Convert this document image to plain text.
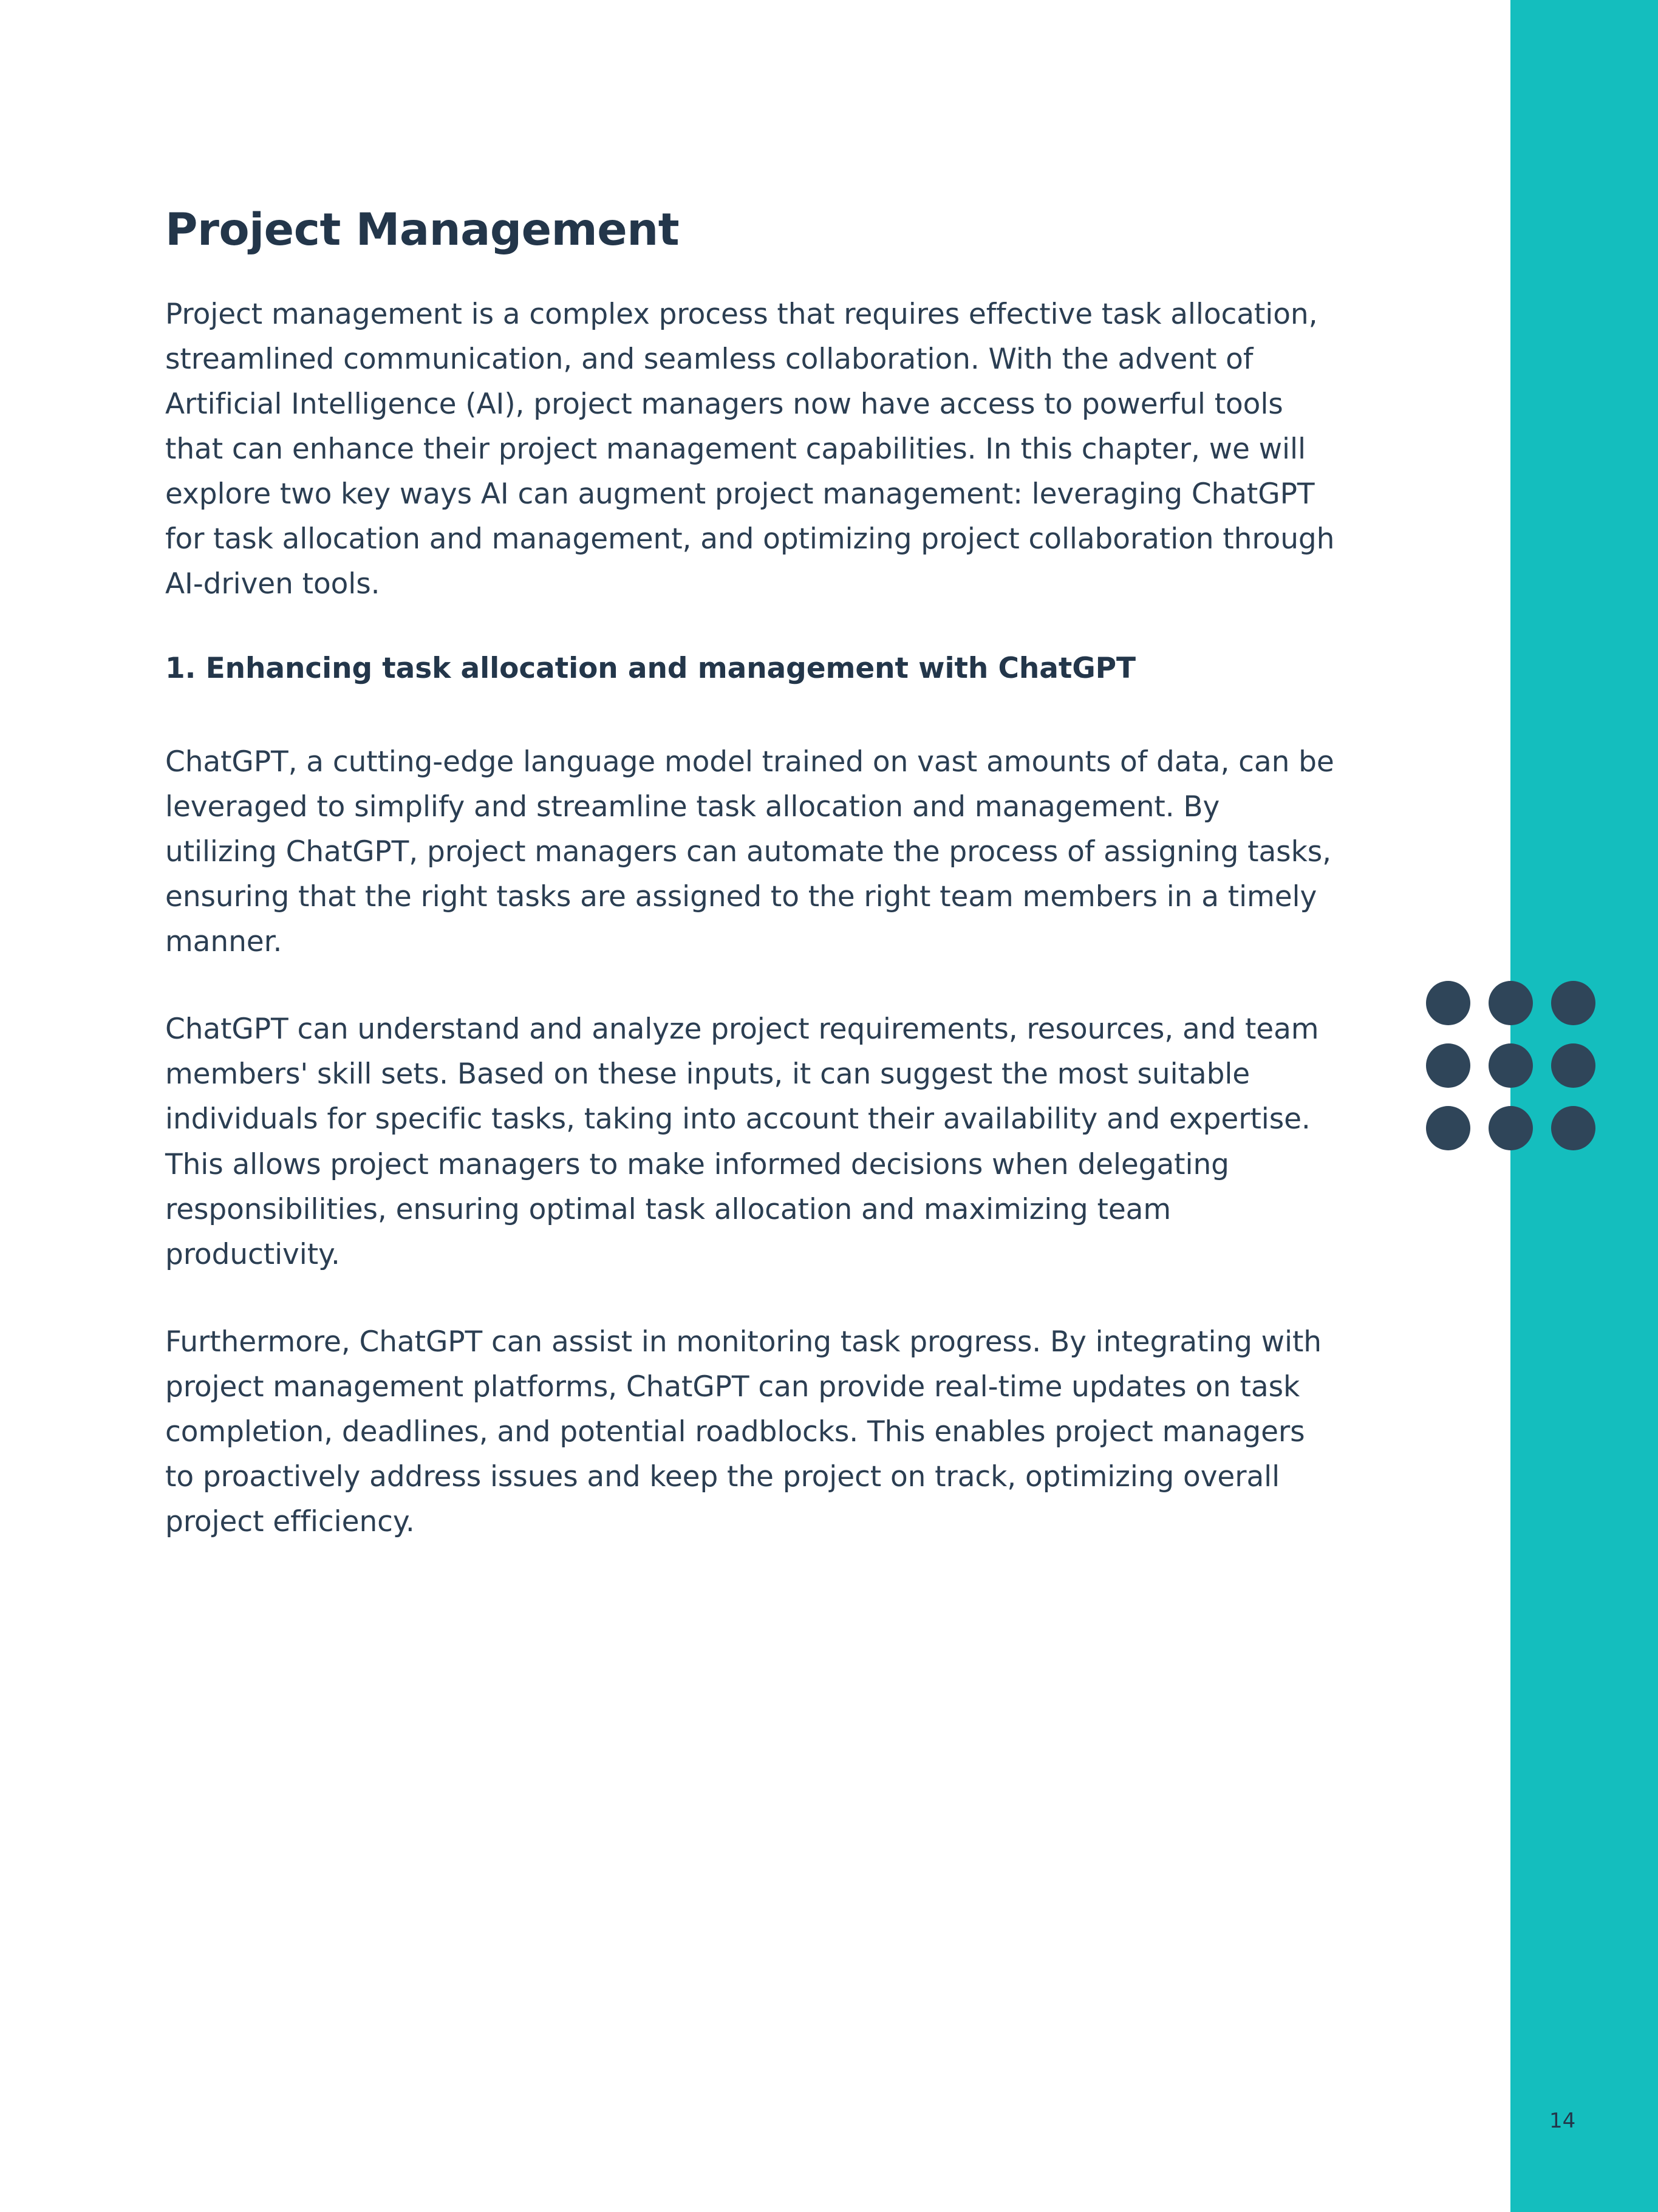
Project Management

Project management is a complex process that requires effective task allocation, streamlined communication, and seamless collaboration. With the advent of Artificial Intelligence (AI), project managers now have access to powerful tools that can enhance their project management capabilities. In this chapter, we will explore two key ways AI can augment project management: leveraging ChatGPT for task allocation and management, and optimizing project collaboration through AI-driven tools.

1. Enhancing task allocation and management with ChatGPT

ChatGPT, a cutting-edge language model trained on vast amounts of data, can be leveraged to simplify and streamline task allocation and management. By utilizing ChatGPT, project managers can automate the process of assigning tasks, ensuring that the right tasks are assigned to the right team members in a timely manner.

ChatGPT can understand and analyze project requirements, resources, and team members' skill sets. Based on these inputs, it can suggest the most suitable individuals for specific tasks, taking into account their availability and expertise. This allows project managers to make informed decisions when delegating responsibilities, ensuring optimal task allocation and maximizing team productivity.

Furthermore, ChatGPT can assist in monitoring task progress. By integrating with project management platforms, ChatGPT can provide real-time updates on task completion, deadlines, and potential roadblocks. This enables project managers to proactively address issues and keep the project on track, optimizing overall project efficiency.

14
